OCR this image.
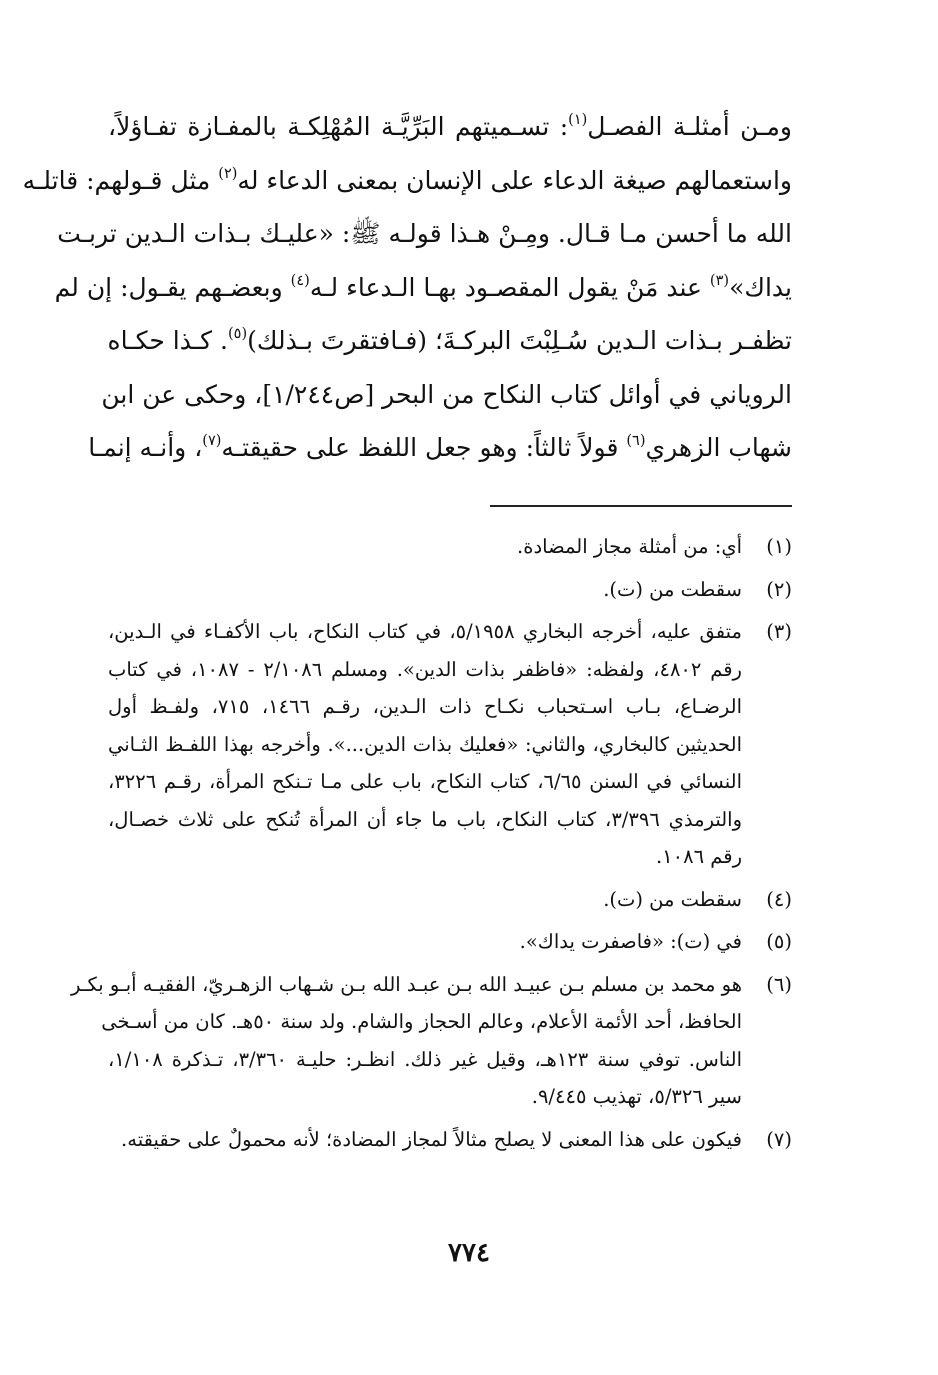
ومـن أمثلـة الفصـل$^{(١)}$: تسـميتهم البَرِّيَّـة المُهْلِكـة بالمفـازة تفـاؤلاً،
واستعمالهم صيغة الدعاء على الإنسان بمعنى الدعاء له$^{(٢)}$ مثل قـولهم: قاتلـه
الله ما أحسن مـا قـال. ومِـنْ هـذا قولـه ﷺ: «عليـك بـذات الـدين تربـت
يداك»$^{(٣)}$ عند مَنْ يقول المقصـود بهـا الـدعاء لـه$^{(٤)}$ وبعضـهم يقـول: إن لم
تظفـر بـذات الـدين سُـلِبْتَ البركـةَ؛ (فـافتقرتَ بـذلك)$^{(٥)}$. كـذا حكـاه
الروياني في أوائل كتاب النكاح من البحر [ص١/٢٤٤]، وحكى عن ابن
شهاب الزهري$^{(٦)}$ قولاً ثالثاً: وهو جعل اللفظ على حقيقتـه$^{(٧)}$، وأنـه إنمـا
(١)
أي: من أمثلة مجاز المضادة.
(٢)
سقطت من (ت).
(٣)
متفق عليه، أخرجه البخاري ٥/١٩٥٨، في كتاب النكاح، باب الأكفـاء في الـدين،
رقم ٤٨٠٢، ولفظه: «فاظفر بذات الدين». ومسلم ٢/١٠٨٦ - ١٠٨٧، في كتاب
الرضـاع، بـاب اسـتحباب نكـاح ذات الـدين، رقـم ١٤٦٦، ٧١٥، ولفـظ أول
الحديثين كالبخاري، والثاني: «فعليك بذات الدين...». وأخرجه بهذا اللفـظ الثـاني
النسائي في السنن ٦/٦٥، كتاب النكاح، باب على مـا تـنكح المرأة، رقـم ٣٢٢٦،
والترمذي ٣/٣٩٦، كتاب النكاح، باب ما جاء أن المرأة تُنكح على ثلاث خصـال،
رقم ١٠٨٦.
(٤)
سقطت من (ت).
(٥)
في (ت): «فاصفرت يداك».
(٦)
هو محمد بن مسلم بـن عبيـد الله بـن عبـد الله بـن شـهاب الزهـريّ، الفقيـه أبـو بكـر
الحافظ، أحد الأئمة الأعلام، وعالم الحجاز والشام. ولد سنة ٥٠هـ. كان من أسـخى
الناس. توفي سنة ١٢٣هـ، وقيل غير ذلك. انظـر: حليـة ٣/٣٦٠، تـذكرة ١/١٠٨،
سير ٥/٣٢٦، تهذيب ٩/٤٤٥.
(٧)
فيكون على هذا المعنى لا يصلح مثالاً لمجاز المضادة؛ لأنه محمولٌ على حقيقته.
٧٧٤
